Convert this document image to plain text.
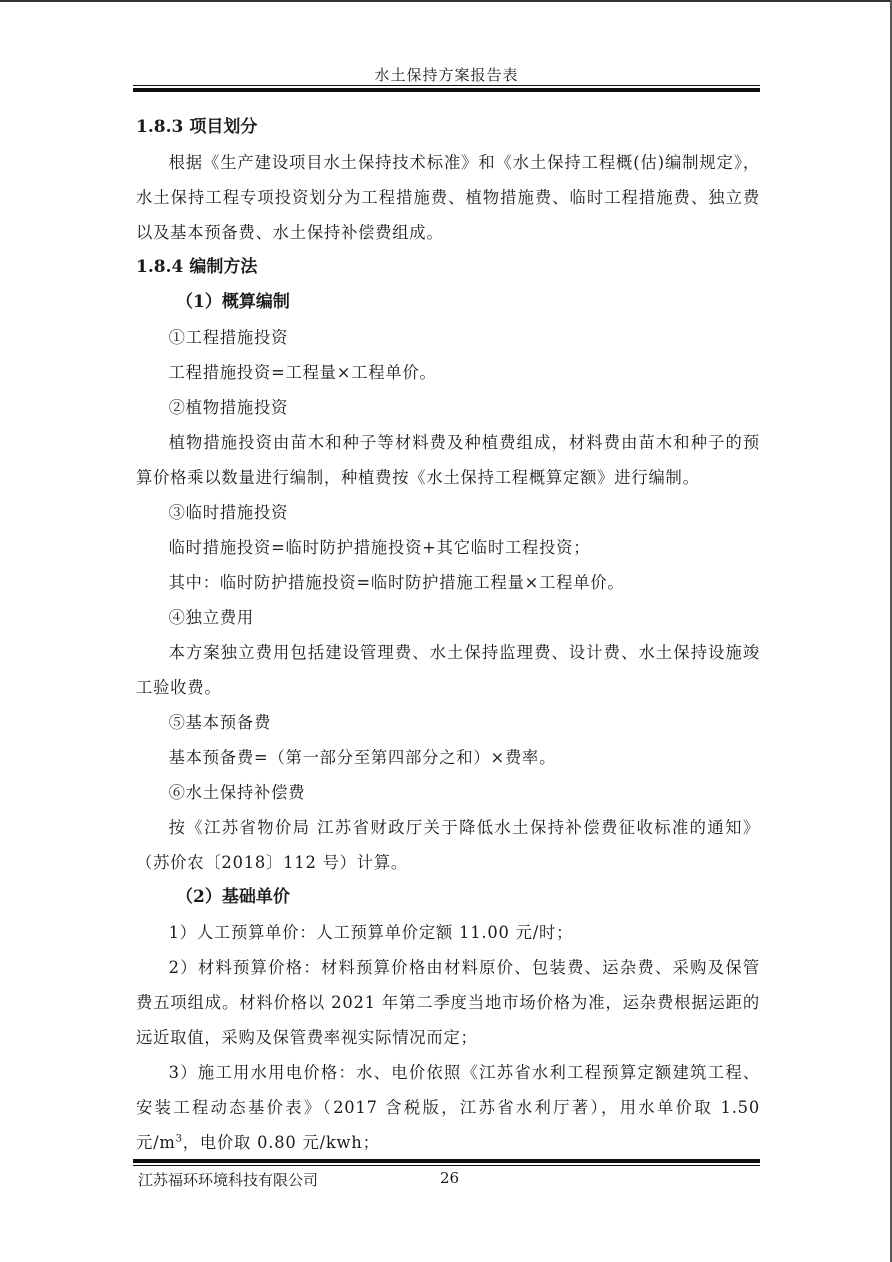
水土保持方案报告表

1.8.3 项目划分

根据《生产建设项目水土保持技术标准》和《水土保持工程概(估)编制规定》，水土保持工程专项投资划分为工程措施费、植物措施费、临时工程措施费、独立费以及基本预备费、水土保持补偿费组成。

1.8.4 编制方法

（1）概算编制

①工程措施投资

工程措施投资=工程量×工程单价。

②植物措施投资

植物措施投资由苗木和种子等材料费及种植费组成，材料费由苗木和种子的预算价格乘以数量进行编制，种植费按《水土保持工程概算定额》进行编制。

③临时措施投资

临时措施投资=临时防护措施投资+其它临时工程投资；

其中：临时防护措施投资=临时防护措施工程量×工程单价。

④独立费用

本方案独立费用包括建设管理费、水土保持监理费、设计费、水土保持设施竣工验收费。

⑤基本预备费

基本预备费=（第一部分至第四部分之和）×费率。

⑥水土保持补偿费

按《江苏省物价局 江苏省财政厅关于降低水土保持补偿费征收标准的通知》（苏价农〔2018〕112 号）计算。

（2）基础单价

1）人工预算单价：人工预算单价定额 11.00 元/时；

2）材料预算价格：材料预算价格由材料原价、包装费、运杂费、采购及保管费五项组成。材料价格以 2021 年第二季度当地市场价格为准，运杂费根据运距的远近取值，采购及保管费率视实际情况而定；

3）施工用水用电价格：水、电价依照《江苏省水利工程预算定额建筑工程、安装工程动态基价表》（2017 含税版，江苏省水利厅著），用水单价取 1.50 元$/m^3$，电价取 0.80 元/kwh；

江苏福环环境科技有限公司	26
